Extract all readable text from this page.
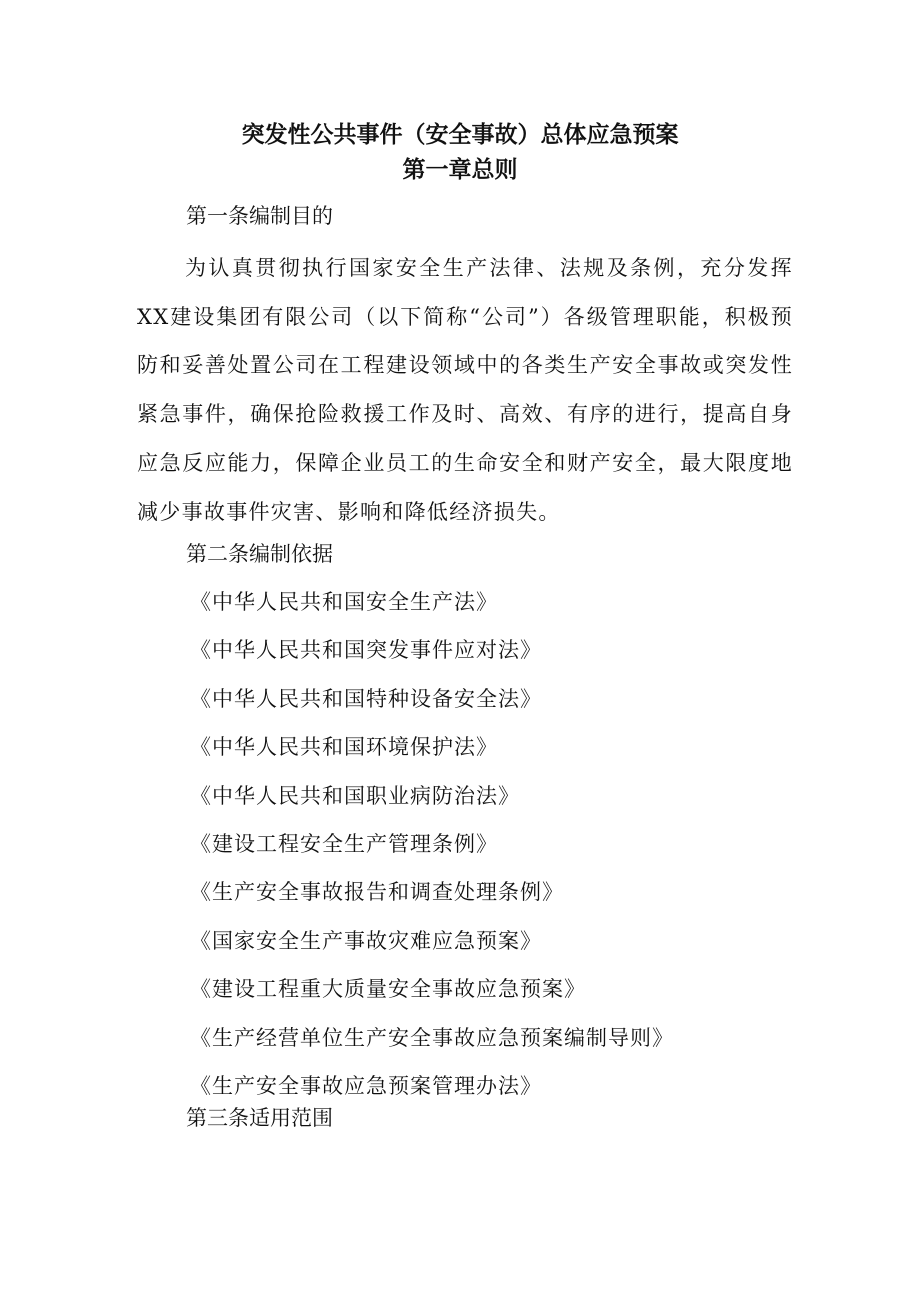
突发性公共事件（安全事故）总体应急预案
第一章总则

第一条编制目的

为认真贯彻执行国家安全生产法律、法规及条例，充分发挥XX建设集团有限公司（以下简称“公司”）各级管理职能，积极预防和妥善处置公司在工程建设领域中的各类生产安全事故或突发性紧急事件，确保抢险救援工作及时、高效、有序的进行，提高自身应急反应能力，保障企业员工的生命安全和财产安全，最大限度地减少事故事件灾害、影响和降低经济损失。

第二条编制依据

《中华人民共和国安全生产法》
《中华人民共和国突发事件应对法》
《中华人民共和国特种设备安全法》
《中华人民共和国环境保护法》
《中华人民共和国职业病防治法》
《建设工程安全生产管理条例》
《生产安全事故报告和调查处理条例》
《国家安全生产事故灾难应急预案》
《建设工程重大质量安全事故应急预案》
《生产经营单位生产安全事故应急预案编制导则》
《生产安全事故应急预案管理办法》

第三条适用范围
